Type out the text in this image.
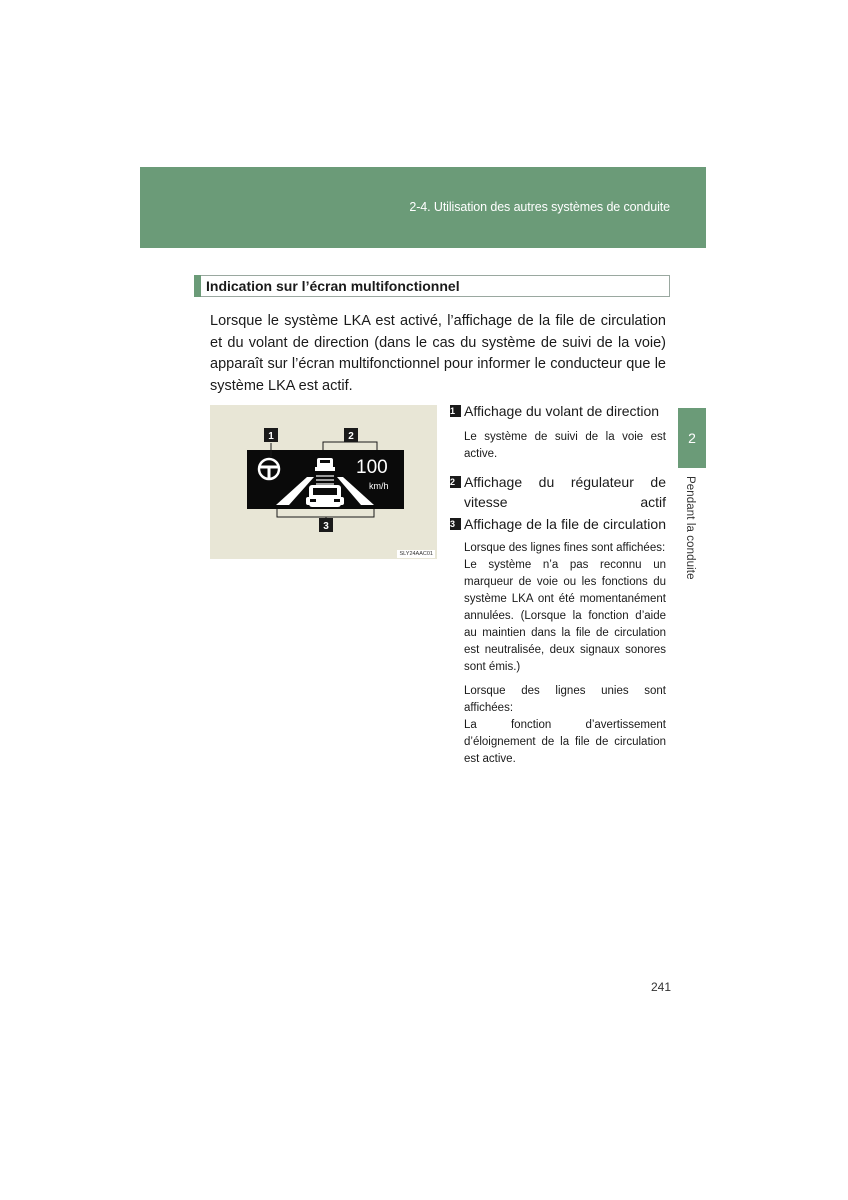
2-4. Utilisation des autres systèmes de conduite
Indication sur l’écran multifonctionnel

Lorsque le système LKA est activé, l’affichage de la file de circulation et du volant de direction (dans le cas du système de suivi de la voie) apparaît sur l’écran multifonctionnel pour informer le conducteur que le système LKA est actif.

100
km/h
1	2
3
SLY24AAC01
1 Affichage du volant de direction

Le système de suivi de la voie est active.

2 Affichage du régulateur de vitesse actif
3 Affichage de la file de circulation

Lorsque des lignes fines sont affichées:

Le système n’a pas reconnu un marqueur de voie ou les fonctions du système LKA ont été momentanément annulées. (Lorsque la fonction d’aide au maintien dans la file de circulation est neutralisée, deux signaux sonores sont émis.)

Lorsque des lignes unies sont affichées:

La fonction d’avertissement d’éloignement de la file de circulation est active.

2
Pendant la conduite
241
